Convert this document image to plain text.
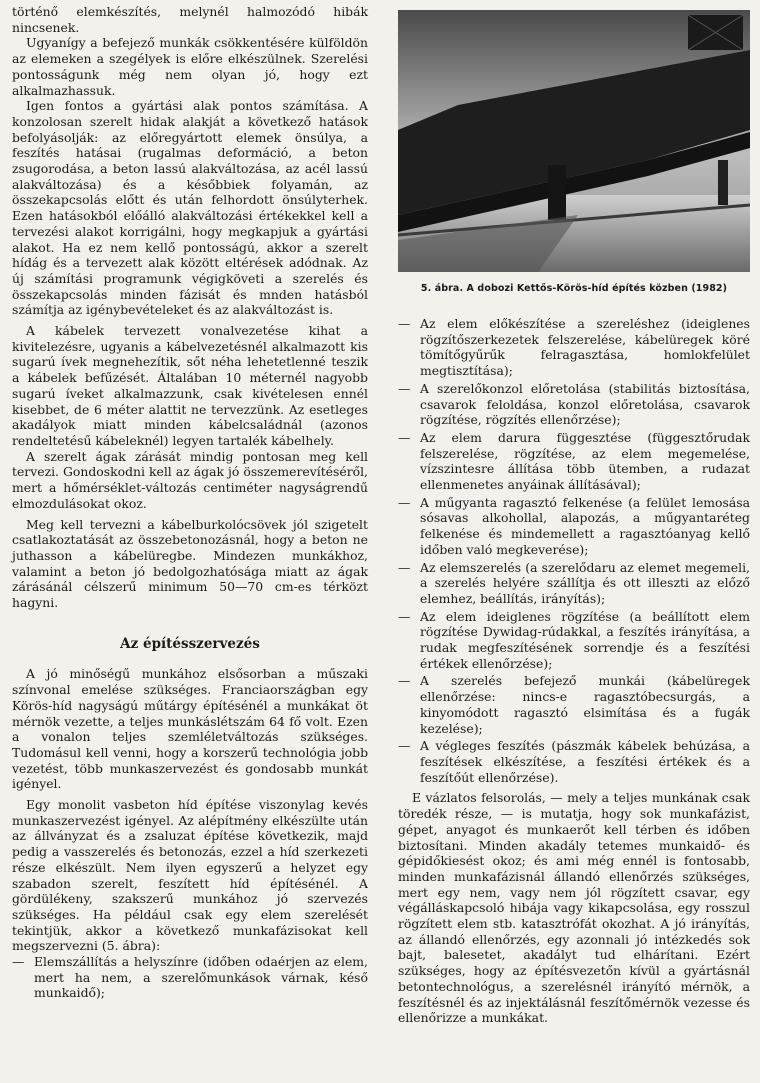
történő elemkészítés, melynél halmozódó hibák nincsenek.

Ugyanígy a befejező munkák csökkentésére külföldön az elemeken a szegélyek is előre elkészülnek. Szerelési pontosságunk még nem olyan jó, hogy ezt alkalmazhassuk.

Igen fontos a gyártási alak pontos számítása. A konzolosan szerelt hidak alakját a következő hatások befolyásolják: az előregyártott elemek önsúlya, a feszítés hatásai (rugalmas deformáció, a beton zsugorodása, a beton lassú alakváltozása, az acél lassú alakváltozása) és a későbbiek folyamán, az összekapcsolás előtt és után felhordott önsúlyterhek. Ezen hatásokból előálló alakváltozási értékekkel kell a tervezési alakot korrigálni, hogy megkapjuk a gyártási alakot. Ha ez nem kellő pontosságú, akkor a szerelt hídág és a tervezett alak között eltérések adódnak. Az új számítási programunk végigköveti a szerelés és összekapcsolás minden fázisát és mnden hatásból számítja az igénybevételeket és az alakváltozást is.

A kábelek tervezett vonalvezetése kihat a kivitelezésre, ugyanis a kábelvezetésnél alkalmazott kis sugarú ívek megnehezítik, sőt néha lehetetlenné teszik a kábelek befűzését. Általában 10 méternél nagyobb sugarú íveket alkalmazzunk, csak kivételesen ennél kisebbet, de 6 méter alattit ne tervezzünk. Az esetleges akadályok miatt minden kábelcsaládnál (azonos rendeltetésű kábeleknél) legyen tartalék kábelhely.

A szerelt ágak zárását mindig pontosan meg kell tervezi. Gondoskodni kell az ágak jó összemerevítéséről, mert a hőmérséklet-változás centiméter nagyságrendű elmozdulásokat okoz.

Meg kell tervezni a kábelburkolócsövek jól szigetelt csatlakoztatását az összebetonozásnál, hogy a beton ne juthasson a kábelüregbe. Mindezen munkákhoz, valamint a beton jó bedolgozhatósága miatt az ágak zárásánál célszerű minimum 50—70 cm-es térközt hagyni.

Az építésszervezés

A jó minőségű munkához elsősorban a műszaki színvonal emelése szükséges. Franciaországban egy Körös-híd nagyságú műtárgy építésénél a munkákat öt mérnök vezette, a teljes munkáslétszám 64 fő volt. Ezen a vonalon teljes szemléletváltozás szükséges. Tudomásul kell venni, hogy a korszerű technológia jobb vezetést, több munkaszervezést és gondosabb munkát igényel.

Egy monolit vasbeton híd építése viszonylag kevés munkaszervezést igényel. Az alépítmény elkészülte után az állványzat és a zsaluzat építése következik, majd pedig a vasszerelés és betonozás, ezzel a híd szerkezeti része elkészült. Nem ilyen egyszerű a helyzet egy szabadon szerelt, feszített híd építésénél. A gördülékeny, szakszerű munkához jó szervezés szükséges. Ha például csak egy elem szerelését tekintjük, akkor a következő munkafázisokat kell megszervezni (5. ábra):

— Elemszállítás a helyszínre (időben odaérjen az elem, mert ha nem, a szerelőmunkások várnak, késő munkaidő);
5. ábra. A dobozi Kettős-Körös-híd építés közben (1982)
— Az elem előkészítése a szereléshez (ideiglenes rögzítőszerkezetek felszerelése, kábelüregek köré tömítőgyűrűk felragasztása, homlokfelület megtisztítása);
— A szerelőkonzol előretolása (stabilitás biztosítása, csavarok feloldása, konzol előretolása, csavarok rögzítése, rögzítés ellenőrzése);
— Az elem darura függesztése (függesztőrudak felszerelése, rögzítése, az elem megemelése, vízszintesre állítása több ütemben, a rudazat ellenmenetes anyáinak állításával);
— A műgyanta ragasztó felkenése (a felület lemosása sósavas alkohollal, alapozás, a műgyantaréteg felkenése és mindemellett a ragasztóanyag kellő időben való megkeverése);
— Az elemszerelés (a szerelődaru az elemet megemeli, a szerelés helyére szállítja és ott illeszti az előző elemhez, beállítás, irányítás);
— Az elem ideiglenes rögzítése (a beállított elem rögzítése Dywidag-rúdakkal, a feszítés irányítása, a rudak megfeszítésének sorrendje és a feszítési értékek ellenőrzése);
— A szerelés befejező munkái (kábelüregek ellenőrzése: nincs-e ragasztóbecsurgás, a kinyomódott ragasztó elsimítása és a fugák kezelése);
— A végleges feszítés (pászmák kábelek behúzása, a feszítések elkészítése, a feszítési értékek és a feszítőút ellenőrzése).

E vázlatos felsorolás, — mely a teljes munkának csak töredék része, — is mutatja, hogy sok munkafázist, gépet, anyagot és munkaerőt kell térben és időben biztosítani. Minden akadály tetemes munkaidő- és gépidőkiesést okoz; és ami még ennél is fontosabb, minden munkafázisnál állandó ellenőrzés szükséges, mert egy nem, vagy nem jól rögzített csavar, egy végálláskapcsoló hibája vagy kikapcsolása, egy rosszul rögzített elem stb. katasztrófát okozhat. A jó irányítás, az állandó ellenőrzés, egy azonnali jó intézkedés sok bajt, balesetet, akadályt tud elhárítani. Ezért szükséges, hogy az építésvezetőn kívül a gyártásnál betontechnológus, a szerelésnél irányító mérnök, a feszítésnél és az injektálásnál feszítőmérnök vezesse és ellenőrizze a munkákat.
